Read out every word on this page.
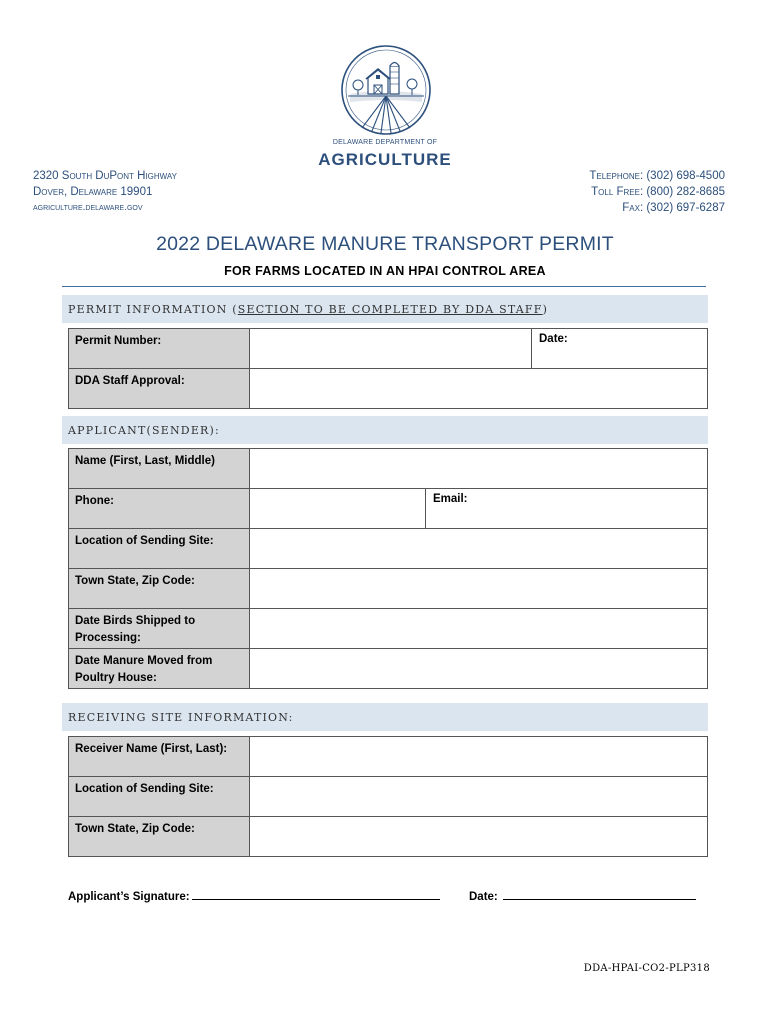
DELAWARE DEPARTMENT OF
AGRICULTURE
2320 South DuPont Highway
Dover, Delaware 19901
agriculture.delaware.gov
Telephone: (302) 698-4500
Toll Free: (800) 282-8685
Fax: (302) 697-6287
2022 DELAWARE MANURE TRANSPORT PERMIT
FOR FARMS LOCATED IN AN HPAI CONTROL AREA
PERMIT INFORMATION (SECTION TO BE COMPLETED BY DDA STAFF)
Permit Number:	Date:
DDA Staff Approval:
APPLICANT(SENDER):
Name (First, Last, Middle)
Phone:	Email:
Location of Sending Site:
Town State, Zip Code:
Date Birds Shipped to Processing:
Date Manure Moved from Poultry House:
RECEIVING SITE INFORMATION:
Receiver Name (First, Last):
Location of Sending Site:
Town State, Zip Code:
Applicant’s Signature:	Date:
DDA-HPAI-CO2-PLP318
